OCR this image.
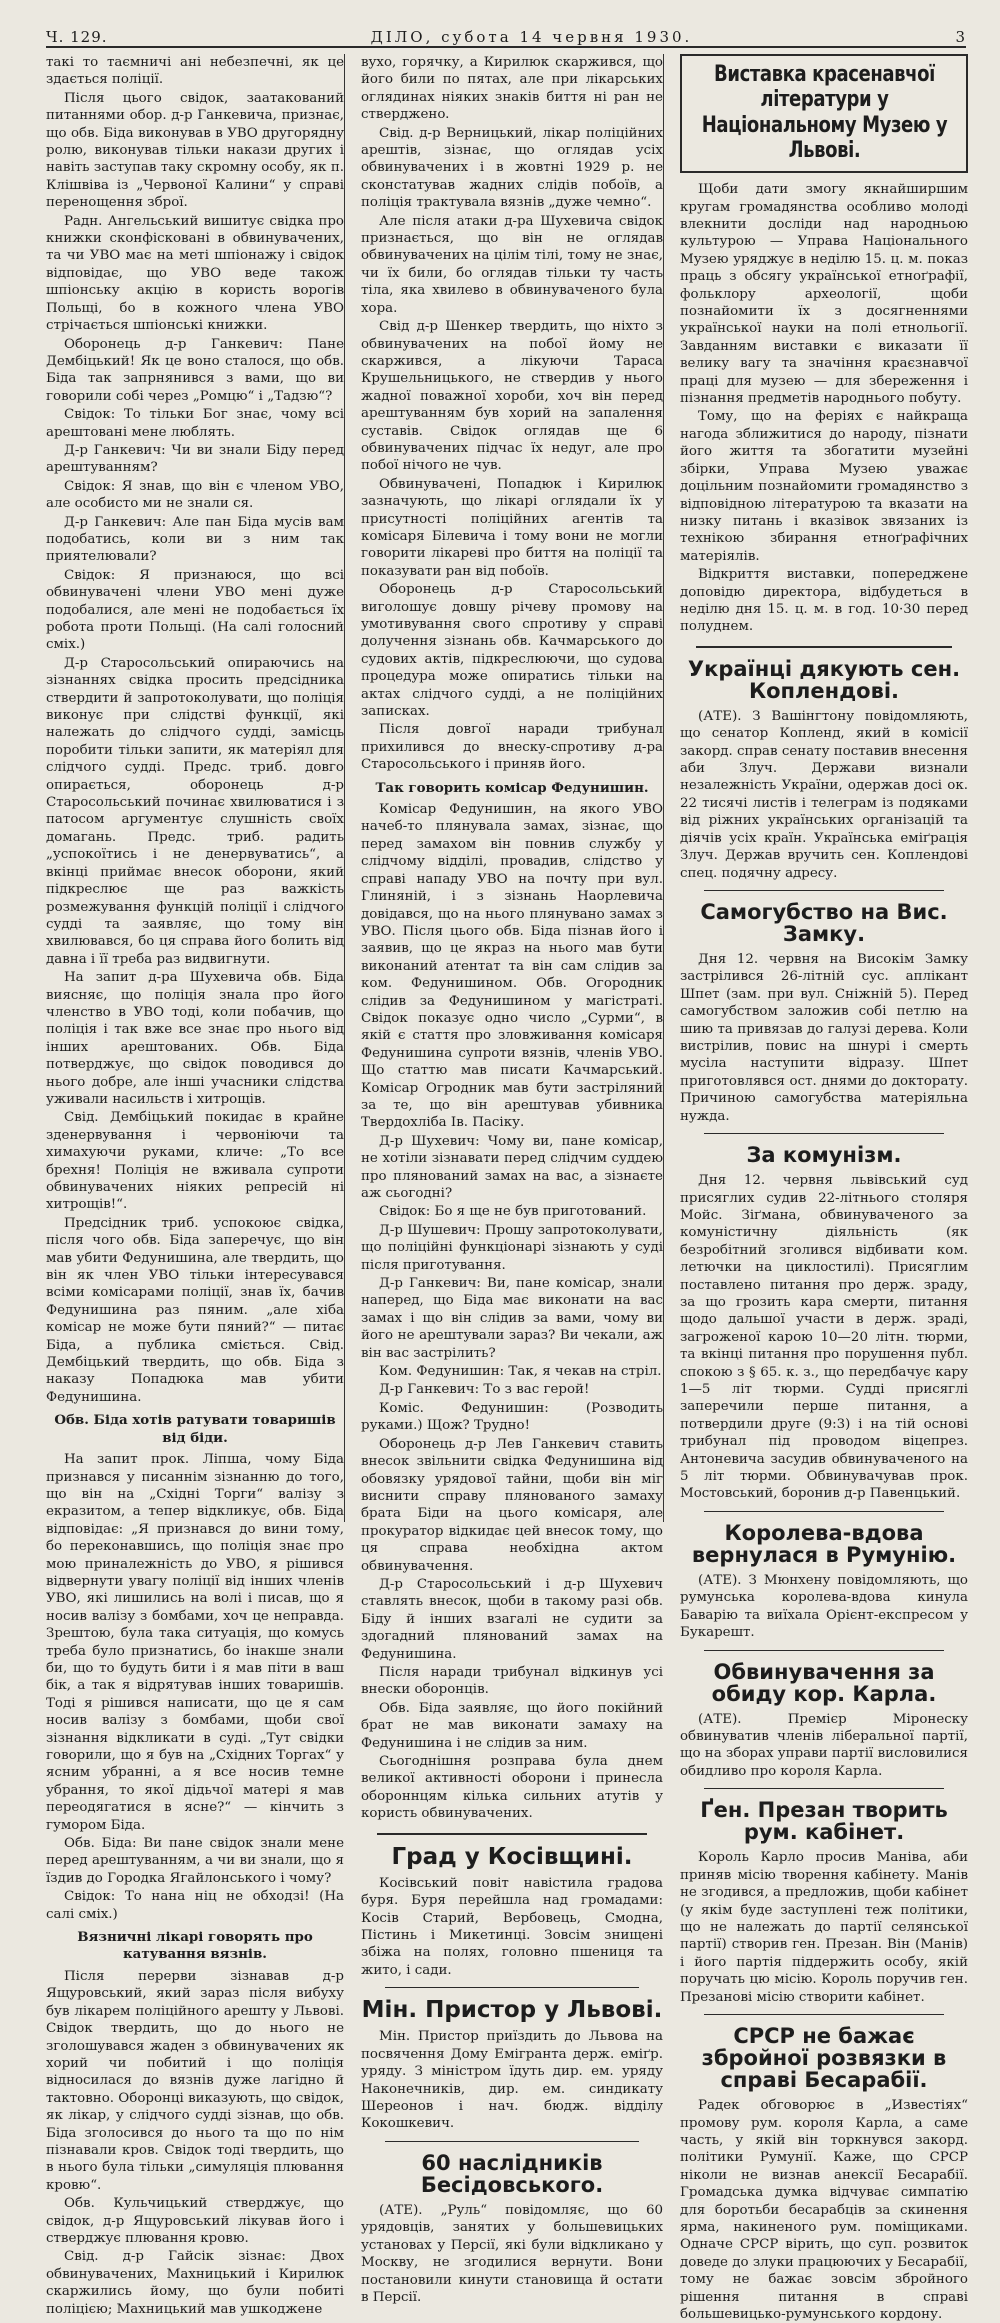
Ч. 129.	ДІЛО, субота 14 червня 1930.	3

такі то таємничі ані небезпечні, як це здається поліції.

Після цього свідок, заатакований питаннями обор. д-р Ганкевича, признає, що обв. Біда виконував в УВО другорядну ролю, виконував тільки накази других і навіть заступав таку скромну особу, як п. Клішвіва із „Червоної Калини“ у справі перенощення зброї.

Радн. Ангельський вишитує свідка про книжки сконфісковані в обвинувачених, та чи УВО має на меті шпіонажу і свідок відповідає, що УВО веде також шпіонську акцію в користь ворогів Польщі, бо в кожного члена УВО стрічається шпіонські книжки.

Оборонець д-р Ганкевич: Пане Дембіцький! Як це воно сталося, що обв. Біда так запрнянився з вами, що ви говорили собі через „Ромцю“ і „Тадзю“?

Свідок: То тільки Бог знає, чому всі арештовані мене люблять.

Д-р Ганкевич: Чи ви знали Біду перед арештуванням?

Свідок: Я знав, що він є членом УВО, але особисто ми не знали ся.

Д-р Ганкевич: Але пан Біда мусів вам подобатись, коли ви з ним так приятелювали?

Свідок: Я признаюся, що всі обвинувачені члени УВО мені дуже подобалися, але мені не подобається їх робота проти Польщі. (На салі голосний сміх.)

Д-р Старосольський опираючись на зізнаннях свідка просить предсідника ствердити й запротоколувати, що поліція виконує при слідстві функції, які належать до слідчого судді, замісць поробити тільки запити, як матеріял для слідчого судді. Предс. триб. довго опирається, оборонець д-р Старосольський починає хвилюватися і з патосом аргументує слушність своїх домагань. Предс. триб. радить „успокоїтись і не денервуватись“, а вкінці приймає внесок оборони, який підкреслює ще раз важкість розмежування функцій поліції і слідчого судді та заявляє, що тому він хвилювався, бо ця справа його болить від давна і її треба раз видвигнути.

На запит д-ра Шухевича обв. Біда виясняє, що поліція знала про його членство в УВО тоді, коли побачив, що поліція і так вже все знає про нього від інших арештованих. Обв. Біда потверджує, що свідок поводився до нього добре, але інші учасники слідства уживали насильств і хитрощів.

Свід. Дембіцький покидає в крайне зденервування і червоніючи та химахуючи руками, кличе: „То все брехня! Поліція не вживала супроти обвинувачених ніяких репресій ні хитрощів!“.

Предсідник триб. успокоює свідка, після чого обв. Біда заперечує, що він мав убити Федунишина, але твердить, що він як член УВО тільки інтересувався всіми комісарами поліції, знав їх, бачив Федунишина раз пяним. „але хіба комісар не може бути пяний?“ — питає Біда, а публика сміється. Свід. Дембіцький твердить, що обв. Біда з наказу Попадюка мав убити Федунишина.

Обв. Біда хотів ратувати товаришів від біди.

На запит прок. Ліпша, чому Біда признався у писаннім зізнанню до того, що він на „Східні Торги“ валізу з екразитом, а тепер відкликує, обв. Біда відповідає: „Я признався до вини тому, бо переконавшись, що поліція знає про мою приналежність до УВО, я рішився відвернути увагу поліції від інших членів УВО, які лишились на волі і писав, що я носив валізу з бомбами, хоч це неправда. Зрештою, була така ситуація, що комусь треба було признатись, бо інакше знали би, що то будуть бити і я мав піти в ваш бік, а так я відрятував інших товаришів. Тоді я рішився написати, що це я сам носив валізу з бомбами, щоби свої зізнання відкликати в суді. „Тут свідки говорили, що я був на „Східних Торгах“ у ясним убранні, а я все носив темне убрання, то якої дідьчої матері я мав переодягатися в ясне?“ — кінчить з гумором Біда.

Обв. Біда: Ви пане свідок знали мене перед арештуванням, а чи ви знали, що я їздив до Городка Ягайлонського і чому?

Свідок: То нана ніц не обходзі! (На салі сміх.)

Вязничні лікарі говорять про катування вязнів.

Після перерви зізнавав д-р Ящуровський, який зараз після вибуху був лікарем поліційного арешту у Львові. Свідок твердить, що до нього не зголошувався жаден з обвинувачених як хорий чи побитий і що поліція відносилася до вязнів дуже лагідно й тактовно. Оборонці виказують, що свідок, як лікар, у слідчого судді зізнав, що обв. Біда зголосився до нього та що по нім пізнавали кров. Свідок тоді твердить, що в нього була тільки „симуляція плювання кровю“.

Обв. Кульчицький стверджує, що свідок, д-р Ящуровський лікував його і стверджує плювання кровю.

Свід. д-р Гайсік зізнає: Двох обвинувачених, Махницький і Кирилюк скаржились йому, що були побиті поліцією; Махницький мав ушкоджене

вухо, горячку, а Кирилюк скаржився, що його били по пятах, але при лікарських оглядинах ніяких знаків биття ні ран не ствердженo.

Свід. д-р Верницький, лікар поліційних арештів, зізнає, що оглядав усіх обвинувачених і в жовтні 1929 р. не сконстатував жадних слідів побоїв, а поліція трактувала вязнів „дуже чемно“.

Але після атаки д-ра Шухевича свідок признається, що він не оглядав обвинувачених на цілім тілі, тому не знає, чи їх били, бо оглядав тільки ту часть тіла, яка хвилево в обвинуваченого була хора.

Свід д-р Шенкер твердить, що ніхто з обвинувачених на побої йому не скаржився, а лікуючи Тараса Крушельницького, не ствердив у нього жадної поважної хороби, хоч він перед арештуванням був хорий на запалення суставів. Свідок оглядав ще 6 обвинувачених підчас їх недуг, але про побої нічого не чув.

Обвинувачені, Попадюк і Кирилюк зазначують, що лікарі оглядали їх у присутності поліційних агентів та комісаря Білевича і тому вони не могли говорити лікареві про биття на поліції та показувати ран від побоїв.

Оборонець д-р Старосольський виголошує довшу річеву промову на умотивування свого спротиву у справі долучення зізнань обв. Качмарського до судових актів, підкреслюючи, що судова процедура може опиратись тільки на актах слідчого судді, а не поліційних записках.

Після довгої наради трибунал прихилився до внеску-спротиву д-ра Старосольського і приняв його.

Так говорить комісар Федунишин.

Комісар Федунишин, на якого УВО начеб-то плянувала замах, зізнає, що перед замахом він повнив службу у слідчому відділі, провадив, слідство у справі нападу УВО на почту при вул. Глиняній, і з зізнань Наорлевича довідався, що на нього плянувано замах з УВО. Після цього обв. Біда пізнав його і заявив, що це якраз на нього мав бути виконаний атентат та він сам слідив за ком. Федунишином. Обв. Огородник слідив за Федунишином у магістраті. Свідок показує одно число „Сурми“, в якій є стаття про зловживання комісаря Федунишина супроти вязнів, членів УВО. Що статтю мав писати Качмарський. Комісар Огродник мав бути застріляний за те, що він арештував убивника Твердохліба Ів. Пасіку.

Д-р Шухевич: Чому ви, пане комісар, не хотіли зізнавати перед слідчим суддею про плянований замах на вас, а зізнаєте аж сьогодні?

Свідок: Бо я ще не був приготований.

Д-р Шушевич: Прошу запротоколувати, що поліційні функціонарі зізнають у суді після приготування.

Д-р Ганкевич: Ви, пане комісар, знали наперед, що Біда має виконати на вас замах і що він слідив за вами, чому ви його не арештували зараз? Ви чекали, аж він вас застрілить?

Ком. Федунишин: Так, я чекав на стріл.

Д-р Ганкевич: То з вас герой!

Коміс. Федунишин: (Розводить руками.) Щож? Трудно!

Оборонець д-р Лев Ганкевич ставить внесок звільнити свідка Федунишина від обовязку урядової тайни, щоби він міг виснити справу плянованого замаху брата Біди на цього комісаря, але прокуратор відкидає цей внесок тому, що ця справа необхідна актом обвинувачення.

Д-р Старосольський і д-р Шухевич ставлять внесок, щоби в такому разі обв. Біду й інших взагалі не судити за здогадний плянований замах на Федунишина.

Після наради трибунал відкинув усі внески оборонців.

Обв. Біда заявляє, що його покійний брат не мав виконати замаху на Федунишина і не слідив за ним.

Сьогоднішня розправа була днем великої активності оборони і принесла обороннцям кілька сильних атутів у користь обвинувачених.

Град у Косівщині.

Косівський повіт навістила градова буря. Буря перейшла над громадами: Косів Старий, Вербовець, Смодна, Пістинь і Микетинці. Зовсім знищені збіжа на полях, головно пшениця та жито, і сади.

Мін. Пристор у Львові.

Мін. Пристор приїздить до Львова на посвячення Дому Емігранта держ. еміґр. уряду. З міністром їдуть дир. ем. уряду Наконечників, дир. ем. синдикату Шереонов і нач. бюдж. відділу Кокошкевич.

60 наслідників Бесідовського.

(АТЕ). „Руль“ повідомляє, що 60 урядовців, занятих у большевицьких установах у Персії, які були відкликано у Москву, не згодилися вернути. Вони постановили кинути становища й остати в Персії.

Виставка красенавчої літератури у Національному Музею у Львові.

Щоби дати змогу якнайширшим кругам громадянства особливо молоді влекнити досліди над народньою культурою — Управа Національного Музею уряджує в неділю 15. ц. м. показ праць з обсягу української етноґрафії, фольклору археології, щоби познайомити їх з досягненнями української науки на полі етнольогії. Завданням виставки є виказати її велику вагу та значіння краєзнавчої праці для музею — для збереження і пізнання предметів народнього побуту.

Тому, що на феріях є найкраща нагода зближитися до народу, пізнати його життя та збогатити музейні збірки, Управа Музею уважає доцільним познайомити громадянство з відповідною літературою та вказати на низку питань і вказівок звязаних із технікою збирання етноґрафічних матеріялів.

Відкриття виставки, попереджене доповідю директора, відбудеться в неділю дня 15. ц. м. в год. 10·30 перед полуднем.

Українці дякують сен. Коплендові.

(АТЕ). З Вашінгтону повідомляють, що сенатор Копленд, який в комісії закорд. справ сенату поставив внесення аби Злуч. Держави визнали незалежність України, одержав досі ок. 22 тисячі листів і телеграм із подяками від ріжних українських організацій та діячів усіх країн. Українська еміґрація Злуч. Держав вручить сен. Коплендові спец. подячну адресу.

Самогубство на Вис. Замку.

Дня 12. червня на Високім Замку застрілився 26-літній сус. аплікант Шпет (зам. при вул. Сніжній 5). Перед самогубством заложив собі петлю на шию та привязав до галузі дерева. Коли вистрілив, повис на шнурі і смерть мусіла наступити відразу. Шпет приготовлявся ост. днями до докторату. Причиною самогубства матеріяльна нужда.

За комунізм.

Дня 12. червня львівський суд присяглих судив 22-літнього столяря Мойс. Зіґмана, обвинуваченого за комуністичну діяльність (як безробітний зголився відбивати ком. летючки на циклостилі). Присяглим поставлено питання про держ. зраду, за що грозить кара смерти, питання щодо дальшої участи в держ. зраді, загроженої карою 10—20 літн. тюрми, та вкінці питання про порушення публ. спокою з § 65. к. з., що передбачує кару 1—5 літ тюрми. Судді присяглі заперечили перше питання, а потвердили друге (9:3) і на тій основі трибунал під проводом віцепрез. Антоневича засудив обвинуваченого на 5 літ тюрми. Обвинувачував прок. Мостовський, боронив д-р Павенцький.

Королева-вдова вернулася в Румунію.

(АТЕ). З Мюнхену повідомляють, що румунська королева-вдова кинула Баварію та виїхала Орієнт-експресом у Букарешт.

Обвинувачення за обиду кор. Карла.

(АТЕ). Премієр Міронеску обвинуватив членів ліберальної партії, що на зборах управи партії висловилися обидливо про короля Карла.

Ґен. Презан творить рум. кабінет.

Король Карло просив Маніва, аби приняв місію творення кабінету. Манів не згодився, а предложив, щоби кабінет (у якім буде заступлені теж політики, що не належать до партії селянської партії) створив ген. Презан. Він (Манів) і його партія піддержить особу, якій поручать цю місію. Король поручив ген. Презанові місію створити кабінет.

СРСР не бажає збройної розвязки в справі Бесарабії.

Радек обговорює в „Известіях“ промову рум. короля Карла, а саме часть, у якій він торкнувся закорд. політики Румунії. Каже, що СРСР ніколи не визнав анексії Бесарабії. Громадська думка відчуває симпатію для боротьби бесарабців за скинення ярма, накиненого рум. поміщиками. Одначе СРСР вірить, що суп. розвиток доведе до злуки працюючих у Бесарабії, тому не бажає зовсім збройного рішення питання в справі большевицько-румунського кордону.
